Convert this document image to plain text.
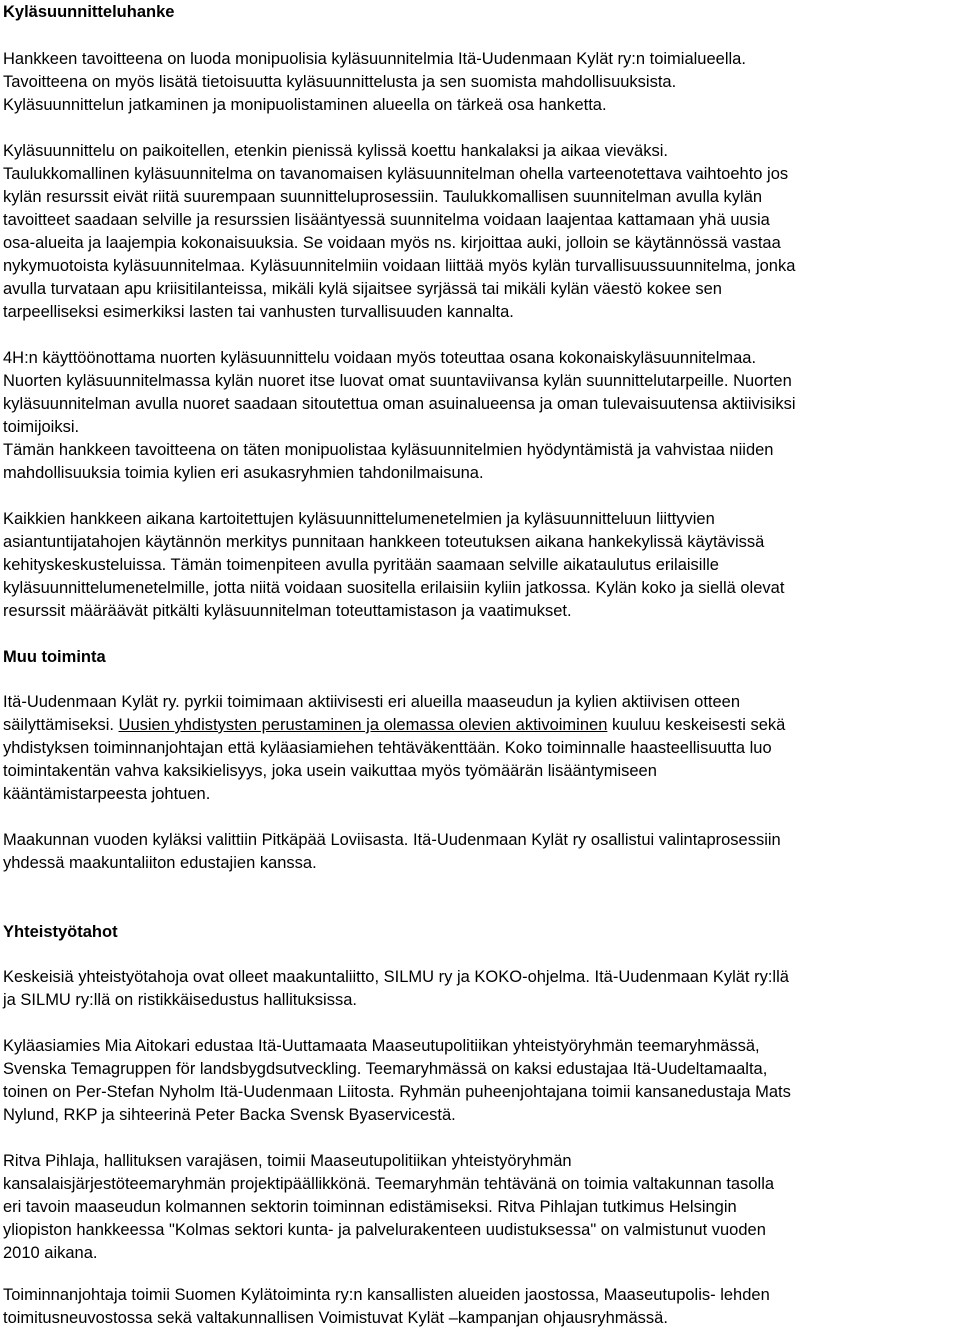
Kyläsuunnitteluhanke
Hankkeen tavoitteena on luoda monipuolisia kyläsuunnitelmia Itä-Uudenmaan Kylät ry:n toimialueella.
Tavoitteena on myös lisätä tietoisuutta kyläsuunnittelusta ja sen suomista mahdollisuuksista.
Kyläsuunnittelun jatkaminen ja monipuolistaminen alueella on tärkeä osa hanketta.
Kyläsuunnittelu on paikoitellen, etenkin pienissä kylissä koettu hankalaksi ja aikaa vieväksi.
Taulukkomallinen kyläsuunnitelma on tavanomaisen kyläsuunnitelman ohella varteenotettava vaihtoehto jos
kylän resurssit eivät riitä suurempaan suunnitteluprosessiin. Taulukkomallisen suunnitelman avulla kylän
tavoitteet saadaan selville ja resurssien lisääntyessä suunnitelma voidaan laajentaa kattamaan yhä uusia
osa-alueita ja laajempia kokonaisuuksia. Se voidaan myös ns. kirjoittaa auki, jolloin se käytännössä vastaa
nykymuotoista kyläsuunnitelmaa. Kyläsuunnitelmiin voidaan liittää myös kylän turvallisuussuunnitelma, jonka
avulla turvataan apu kriisitilanteissa, mikäli kylä sijaitsee syrjässä tai mikäli kylän väestö kokee sen
tarpeelliseksi esimerkiksi lasten tai vanhusten turvallisuuden kannalta.
4H:n käyttöönottama nuorten kyläsuunnittelu voidaan myös toteuttaa osana kokonaiskyläsuunnitelmaa.
Nuorten kyläsuunnitelmassa kylän nuoret itse luovat omat suuntaviivansa kylän suunnittelutarpeille. Nuorten
kyläsuunnitelman avulla nuoret saadaan sitoutettua oman asuinalueensa ja oman tulevaisuutensa aktiivisiksi
toimijoiksi.
Tämän hankkeen tavoitteena on täten monipuolistaa kyläsuunnitelmien hyödyntämistä ja vahvistaa niiden
mahdollisuuksia toimia kylien eri asukasryhmien tahdonilmaisuna.
Kaikkien hankkeen aikana kartoitettujen kyläsuunnittelumenetelmien ja kyläsuunnitteluun liittyvien
asiantuntijatahojen käytännön merkitys punnitaan hankkeen toteutuksen aikana hankekylissä käytävissä
kehityskeskusteluissa. Tämän toimenpiteen avulla pyritään saamaan selville aikataulutus erilaisille
kyläsuunnittelumenetelmille, jotta niitä voidaan suositella erilaisiin kyliin jatkossa. Kylän koko ja siellä olevat
resurssit määräävät pitkälti kyläsuunnitelman toteuttamistason ja vaatimukset.
Muu toiminta
Itä-Uudenmaan Kylät ry. pyrkii toimimaan aktiivisesti eri alueilla maaseudun ja kylien aktiivisen otteen
säilyttämiseksi. Uusien yhdistysten perustaminen ja olemassa olevien aktivoiminen kuuluu keskeisesti sekä
yhdistyksen toiminnanjohtajan että kyläasiamiehen tehtäväkenttään. Koko toiminnalle haasteellisuutta luo
toimintakentän vahva kaksikielisyys, joka usein vaikuttaa myös työmäärän lisääntymiseen
kääntämistarpeesta johtuen.
Maakunnan vuoden kyläksi valittiin Pitkäpää Loviisasta. Itä-Uudenmaan Kylät ry osallistui valintaprosessiin
yhdessä maakuntaliiton edustajien kanssa.
Yhteistyötahot
Keskeisiä yhteistyötahoja ovat olleet maakuntaliitto, SILMU ry ja KOKO-ohjelma. Itä-Uudenmaan Kylät ry:llä
ja SILMU ry:llä on ristikkäisedustus hallituksissa.
Kyläasiamies Mia Aitokari edustaa Itä-Uuttamaata Maaseutupolitiikan yhteistyöryhmän teemaryhmässä,
Svenska Temagruppen för landsbygdsutveckling. Teemaryhmässä on kaksi edustajaa Itä-Uudeltamaalta,
toinen on Per-Stefan Nyholm Itä-Uudenmaan Liitosta. Ryhmän puheenjohtajana toimii kansanedustaja Mats
Nylund, RKP ja sihteerinä Peter Backa Svensk Byaservicestä.
Ritva Pihlaja, hallituksen varajäsen, toimii Maaseutupolitiikan yhteistyöryhmän
kansalaisjärjestöteemaryhmän projektipäällikkönä. Teemaryhmän tehtävänä on toimia valtakunnan tasolla
eri tavoin maaseudun kolmannen sektorin toiminnan edistämiseksi. Ritva Pihlajan tutkimus Helsingin
yliopiston hankkeessa "Kolmas sektori kunta- ja palvelurakenteen uudistuksessa" on valmistunut vuoden
2010 aikana.
Toiminnanjohtaja toimii Suomen Kylätoiminta ry:n kansallisten alueiden jaostossa, Maaseutupolis- lehden
toimitusneuvostossa sekä valtakunnallisen Voimistuvat Kylät –kampanjan ohjausryhmässä.
